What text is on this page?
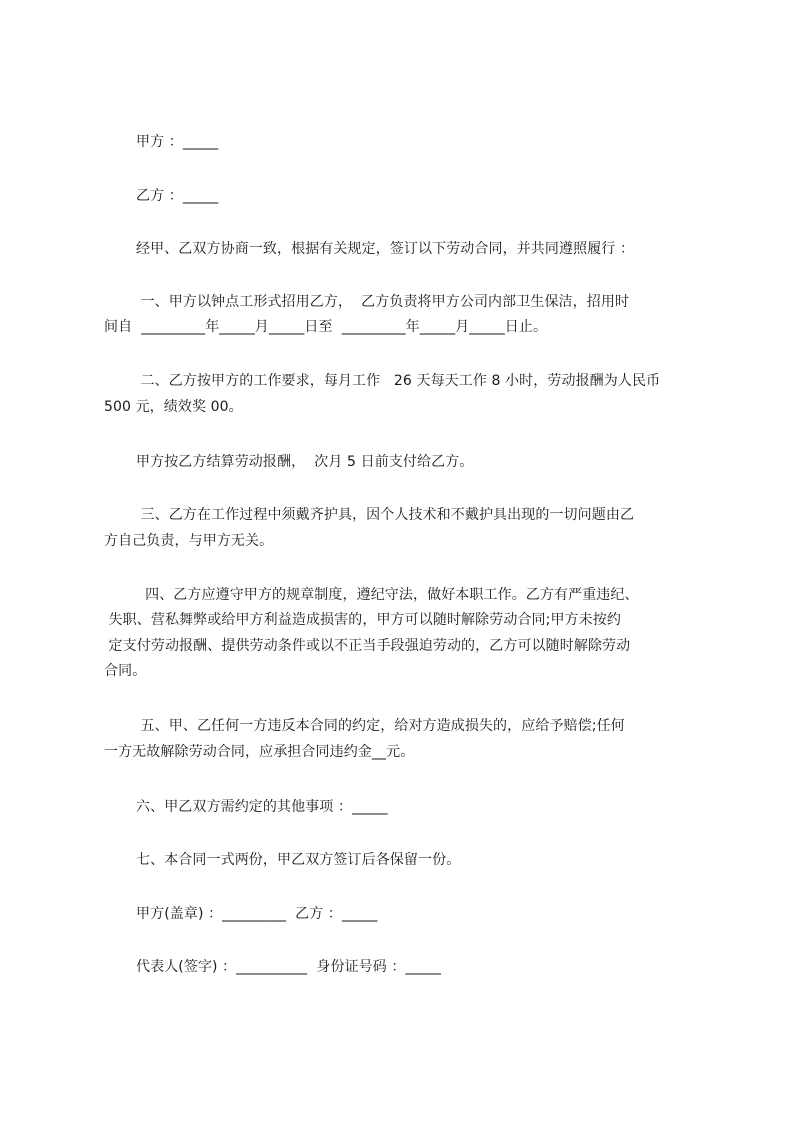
甲方 ：_____
乙方 ：_____
经甲、乙双方协商一致，根据有关规定，签订以下劳动合同，并共同遵照履行 ：
一、甲方以钟点工形式招用乙方，  乙方负责将甲方公司内部卫生保洁，招用时
间自  _________年_____月_____日至  _________年_____月_____日止。
二、乙方按甲方的工作要求，每月工作   26 天每天工作 8 小时，劳动报酬为人民币
500 元，绩效奖 00。
甲方按乙方结算劳动报酬，  次月 5 日前支付给乙方。
三、乙方在工作过程中须戴齐护具，因个人技术和不戴护具出现的一切问题由乙
方自己负责，与甲方无关。
四、乙方应遵守甲方的规章制度，遵纪守法，做好本职工作。乙方有严重违纪、
失职、营私舞弊或给甲方利益造成损害的，甲方可以随时解除劳动合同;甲方未按约
定支付劳动报酬、提供劳动条件或以不正当手段强迫劳动的，乙方可以随时解除劳动
合同。
五、甲、乙任何一方违反本合同的约定，给对方造成损失的，应给予赔偿;任何
一方无故解除劳动合同，应承担合同违约金__元。
六、甲乙双方需约定的其他事项 ：_____
七、本合同一式两份，甲乙双方签订后各保留一份。
甲方(盖章) ：_________  乙方 ：_____
代表人(签字) ：__________  身份证号码 ：_____
